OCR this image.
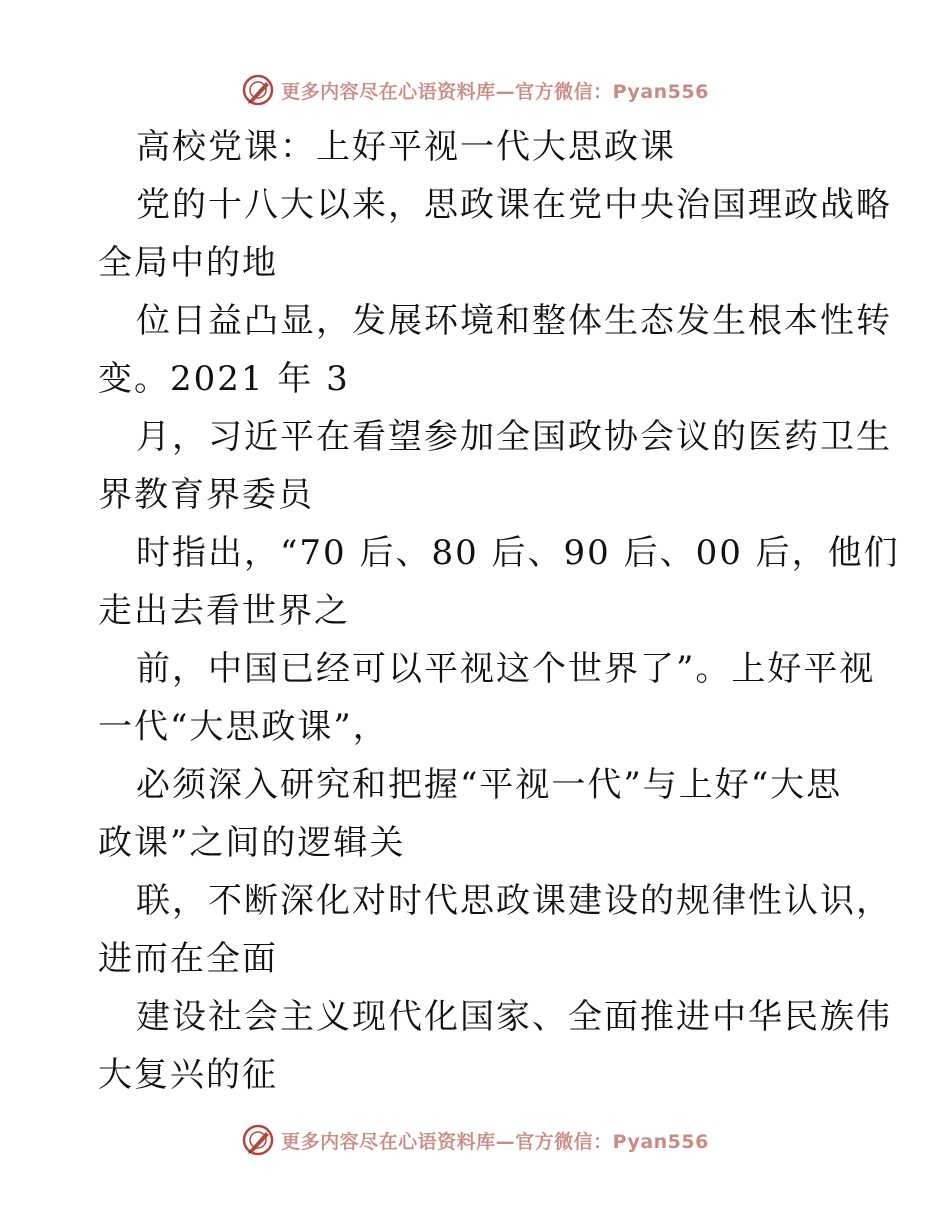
更多内容尽在心语资料库—官方微信：Pyan556
高校党课：上好平视一代大思政课
党的十八大以来，思政课在党中央治国理政战略
全局中的地
位日益凸显，发展环境和整体生态发生根本性转
变。2021 年 3
月，习近平在看望参加全国政协会议的医药卫生
界教育界委员
时指出，“70 后、80 后、90 后、00 后，他们
走出去看世界之
前，中国已经可以平视这个世界了”。上好平视
一代“大思政课”，
必须深入研究和把握“平视一代”与上好“大思
政课”之间的逻辑关
联，不断深化对时代思政课建设的规律性认识，
进而在全面
建设社会主义现代化国家、全面推进中华民族伟
大复兴的征
更多内容尽在心语资料库—官方微信：Pyan556
